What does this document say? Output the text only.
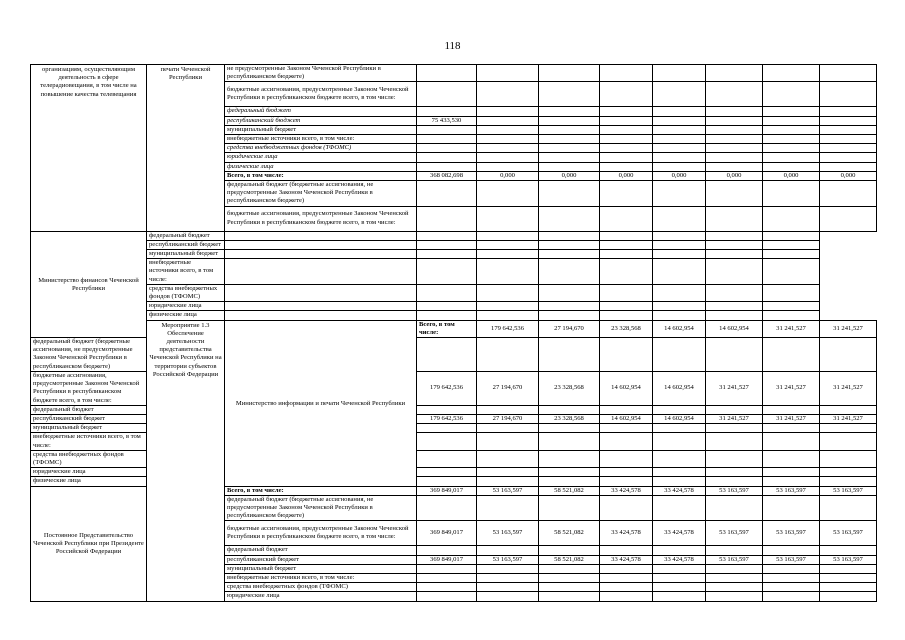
118
организациям, осуществляющим деятельность в сфере телерадиовещания, в том числе на повышение качества телевещания	печати Чеченской Республики	не предусмотренные Законом Чеченской Республики в республиканском бюджете)									
		бюджетные ассигнования, предусмотренные Законом Чеченской Республики в республиканском бюджете всего, в том числе:									
		федеральный бюджет									
		республиканский бюджет	75 433,530								
		муниципальный бюджет									
		внебюджетные источники всего, в том числе:									
		средства внебюджетных фондов (ТФОМС)									
		юридические лица									
		физические лица									
		Всего, в том числе:	368 082,698	0,000	0,000	0,000	0,000	0,000	0,000	0,000	
		федеральный бюджет (бюджетные ассигнования, не предусмотренные Законом Чеченской Республики в республиканском бюджете)									
		бюджетные ассигнования, предусмотренные Законом Чеченской Республики в республиканском бюджете всего, в том числе:									
Министерство финансов Чеченской Республики	федеральный бюджет										
	республиканский бюджет										
	муниципальный бюджет										
	внебюджетные источники всего, в том числе:										
	средства внебюджетных фондов (ТФОМС)										
	юридические лица										
	физические лица										
	Мероприятие 1.3 Обеспечение деятельности представительства Чеченской Республики на территории субъектов Российской Федерации	Министерство информации и печати Чеченской Республики	Всего, в том числе:	179 642,536	27 194,670	23 328,568	14 602,954	14 602,954	31 241,527	31 241,527	
федеральный бюджет (бюджетные ассигнования, не предусмотренные Законом Чеченской Республики в республиканском бюджете)											
бюджетные ассигнования, предусмотренные Законом Чеченской Республики в республиканском бюджете всего, в том числе:			179 642,536	27 194,670	23 328,568	14 602,954	14 602,954	31 241,527	31 241,527	31 241,527	
федеральный бюджет											
республиканский бюджет			179 642,536	27 194,670	23 328,568	14 602,954	14 602,954	31 241,527	31 241,527	31 241,527	
муниципальный бюджет											
внебюджетные источники всего, в том числе:											
средства внебюджетных фондов (ТФОМС)											
юридические лица											
физические лица											
Постоянное Представительство Чеченской Республики при Президенте Российской Федерации		Всего, в том числе:	369 849,017	53 163,597	58 521,082	33 424,578	33 424,578	53 163,597	53 163,597	53 163,597	
		федеральный бюджет (бюджетные ассигнования, не предусмотренные Законом Чеченской Республики в республиканском бюджете)									
		бюджетные ассигнования, предусмотренные Законом Чеченской Республики в республиканском бюджете всего, в том числе:	369 849,017	53 163,597	58 521,082	33 424,578	33 424,578	53 163,597	53 163,597	53 163,597	
		федеральный бюджет									
		республиканский бюджет	369 849,017	53 163,597	58 521,082	33 424,578	33 424,578	53 163,597	53 163,597	53 163,597	
		муниципальный бюджет									
		внебюджетные источники всего, в том числе:									
		средства внебюджетных фондов (ТФОМС)									
		юридические лица									
